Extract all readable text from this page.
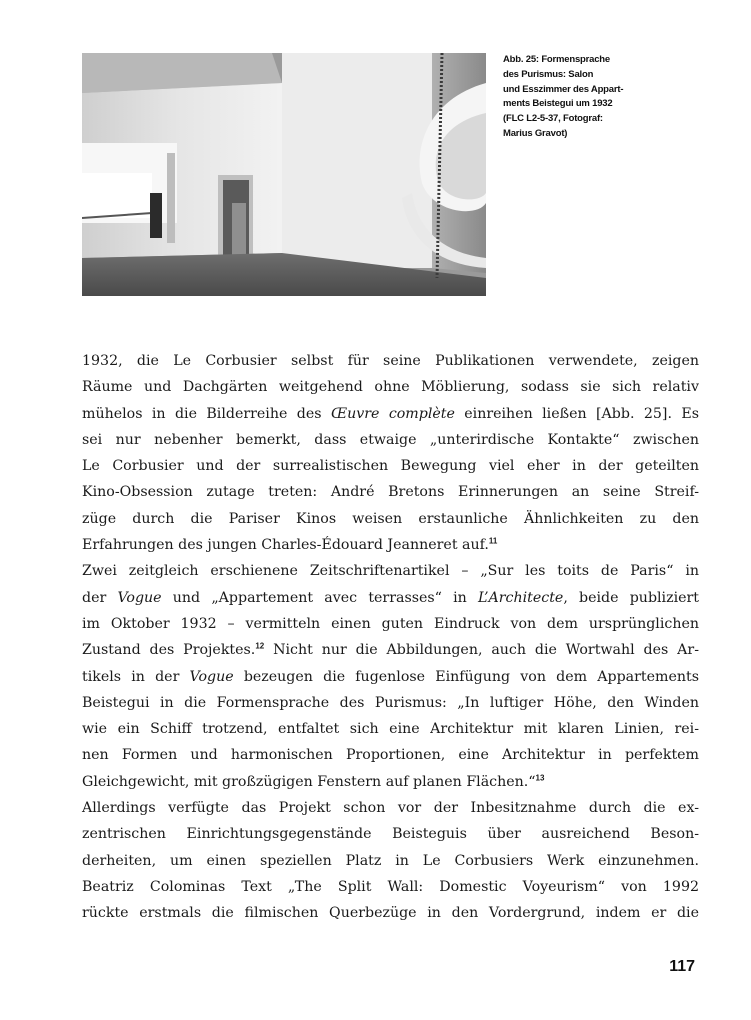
Abb. 25: Formensprache
des Purismus: Salon
und Esszimmer des Appart-
ments Beistegui um 1932
(FLC L2-5-37, Fotograf:
Marius Gravot)
1932, die Le Corbusier selbst für seine Publikationen verwendete, zeigen
Räume und Dachgärten weitgehend ohne Möblierung, sodass sie sich relativ
mühelos in die Bilderreihe des Œuvre complète einreihen ließen [Abb. 25]. Es
sei nur nebenher bemerkt, dass etwaige „unterirdische Kontakte“ zwischen
Le Corbusier und der surrealistischen Bewegung viel eher in der geteilten
Kino-Obsession zutage treten: André Bretons Erinnerungen an seine Streif-
züge durch die Pariser Kinos weisen erstaunliche Ähnlichkeiten zu den
Erfahrungen des jungen Charles-Édouard Jeanneret auf.$^{11}$
Zwei zeitgleich erschienene Zeitschriftenartikel – „Sur les toits de Paris“ in
der Vogue und „Appartement avec terrasses“ in L’Architecte, beide publiziert
im Oktober 1932 – vermitteln einen guten Eindruck von dem ursprünglichen
Zustand des Projektes.$^{12}$ Nicht nur die Abbildungen, auch die Wortwahl des Ar-
tikels in der Vogue bezeugen die fugenlose Einfügung von dem Appartements
Beistegui in die Formensprache des Purismus: „In luftiger Höhe, den Winden
wie ein Schiff trotzend, entfaltet sich eine Architektur mit klaren Linien, rei-
nen Formen und harmonischen Proportionen, eine Architektur in perfektem
Gleichgewicht, mit großzügigen Fenstern auf planen Flächen.“$^{13}$
Allerdings verfügte das Projekt schon vor der Inbesitznahme durch die ex-
zentrischen Einrichtungsgegenstände Beisteguis über ausreichend Beson-
derheiten, um einen speziellen Platz in Le Corbusiers Werk einzunehmen.
Beatriz Colominas Text „The Split Wall: Domestic Voyeurism“ von 1992
rückte erstmals die filmischen Querbezüge in den Vordergrund, indem er die
117
